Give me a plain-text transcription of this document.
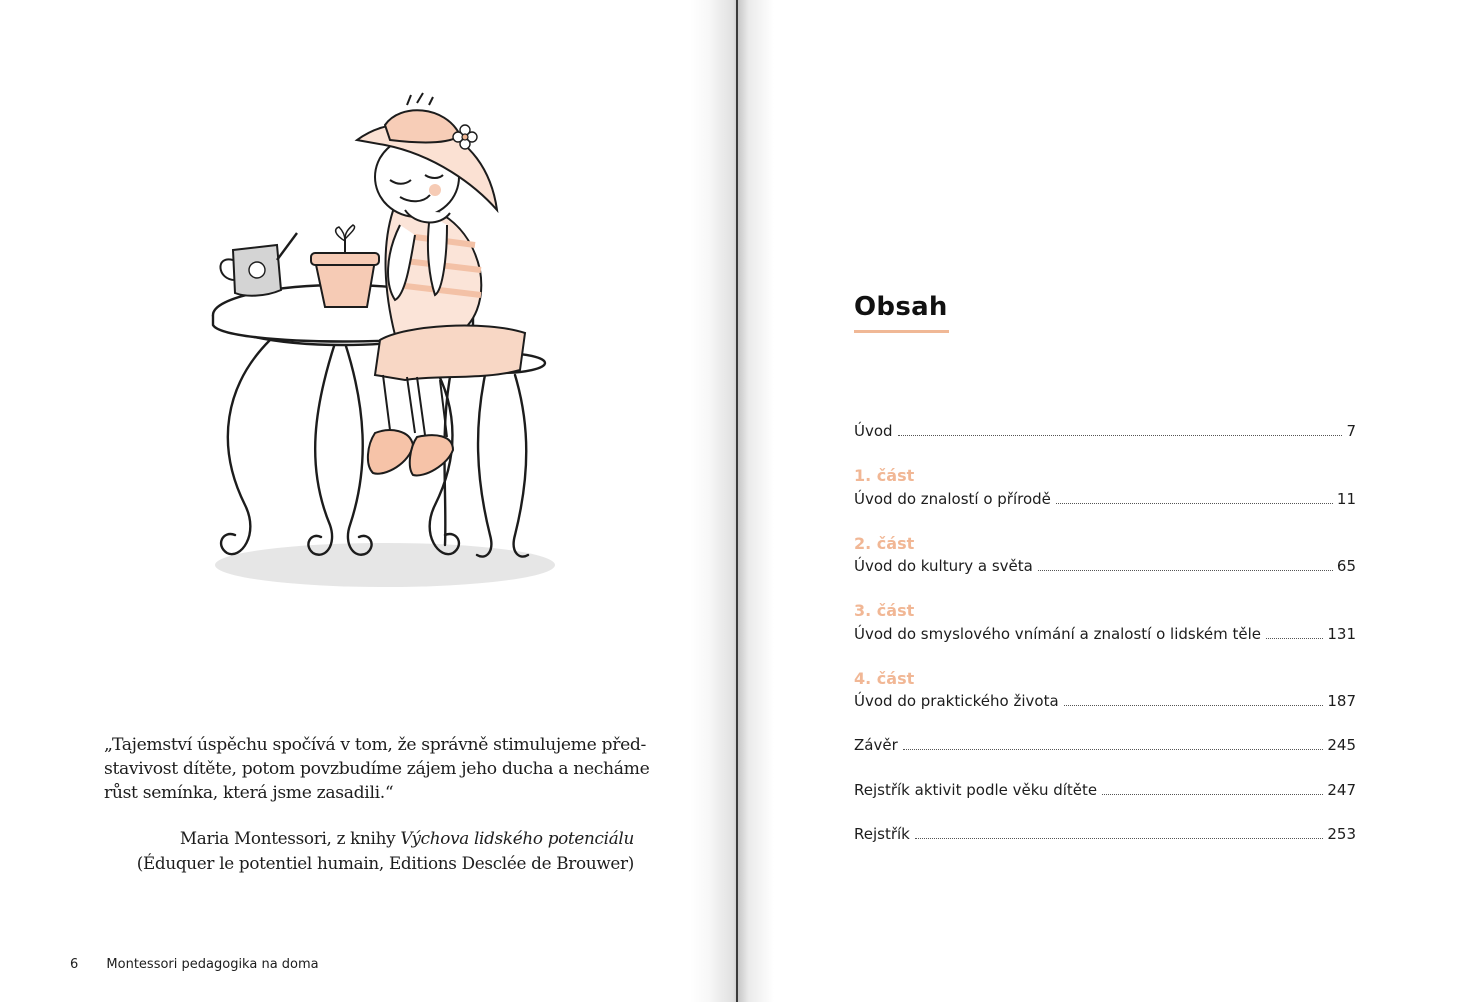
„Tajemství úspěchu spočívá v tom, že správně stimulujeme před-
stavivost dítěte, potom povzbudíme zájem jeho ducha a necháme
růst semínka, která jsme zasadili.“
Maria Montessori, z knihy Výchova lidského potenciálu
(Éduquer le potentiel humain, Editions Desclée de Brouwer)
6 Montessori pedagogika na doma
Obsah
Úvod	7
1. část
Úvod do znalostí o přírodě	11
2. část
Úvod do kultury a světa	65
3. část
Úvod do smyslového vnímání a znalostí o lidském těle	131
4. část
Úvod do praktického života	187
Závěr	245
Rejstřík aktivit podle věku dítěte	247
Rejstřík	253
